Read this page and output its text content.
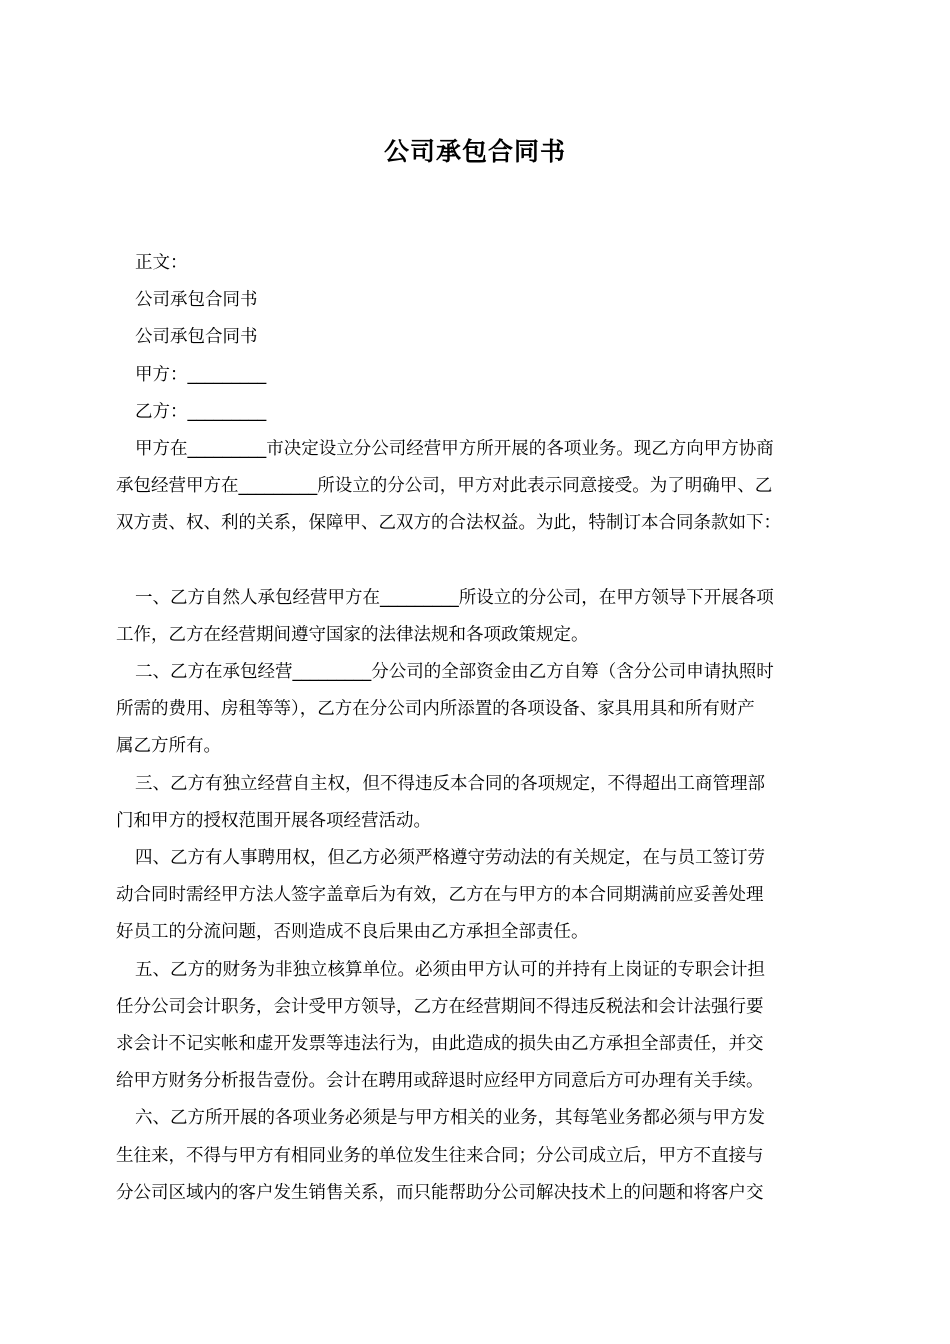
公司承包合同书
正文：
公司承包合同书
公司承包合同书
甲方：_________
乙方：_________
甲方在_________市决定设立分公司经营甲方所开展的各项业务。现乙方向甲方协商
承包经营甲方在_________所设立的分公司，甲方对此表示同意接受。为了明确甲、乙
双方责、权、利的关系，保障甲、乙双方的合法权益。为此，特制订本合同条款如下：
一、乙方自然人承包经营甲方在_________所设立的分公司，在甲方领导下开展各项
工作，乙方在经营期间遵守国家的法律法规和各项政策规定。
二、乙方在承包经营_________分公司的全部资金由乙方自筹（含分公司申请执照时
所需的费用、房租等等），乙方在分公司内所添置的各项设备、家具用具和所有财产
属乙方所有。
三、乙方有独立经营自主权，但不得违反本合同的各项规定，不得超出工商管理部
门和甲方的授权范围开展各项经营活动。
四、乙方有人事聘用权，但乙方必须严格遵守劳动法的有关规定，在与员工签订劳
动合同时需经甲方法人签字盖章后为有效，乙方在与甲方的本合同期满前应妥善处理
好员工的分流问题，否则造成不良后果由乙方承担全部责任。
五、乙方的财务为非独立核算单位。必须由甲方认可的并持有上岗证的专职会计担
任分公司会计职务，会计受甲方领导，乙方在经营期间不得违反税法和会计法强行要
求会计不记实帐和虚开发票等违法行为，由此造成的损失由乙方承担全部责任，并交
给甲方财务分析报告壹份。会计在聘用或辞退时应经甲方同意后方可办理有关手续。
六、乙方所开展的各项业务必须是与甲方相关的业务，其每笔业务都必须与甲方发
生往来，不得与甲方有相同业务的单位发生往来合同；分公司成立后，甲方不直接与
分公司区域内的客户发生销售关系，而只能帮助分公司解决技术上的问题和将客户交
